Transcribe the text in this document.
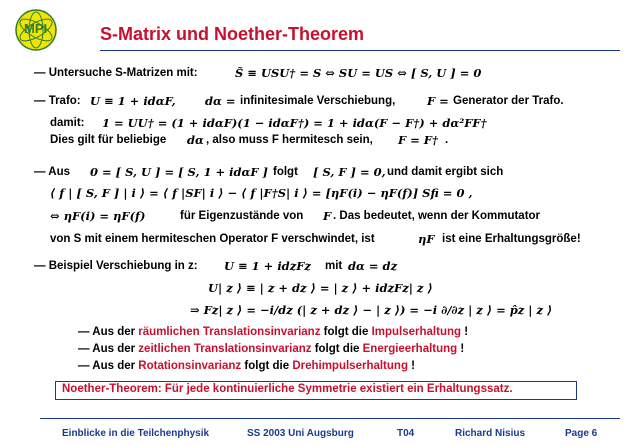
MPI	S-Matrix und Noether-Theorem
— Untersuche S-Matrizen mit:	S̃ ≡ USU† = S ⇔ SU = US ⇔ [ S, U ] = 0
— Trafo: U ≡ 1 + idαF,	dα = infinitesimale Verschiebung,	F = Generator der Trafo.
damit: 1 = UU† = (1 + idαF)(1 − idαF†) = 1 + idα(F − F†) + dα²FF†
Dies gilt für beliebige dα , also muss F hermitesch sein, F = F† .
— Aus 0 = [ S, U ] = [ S, 1 + idαF ] folgt [ S, F ] = 0, und damit ergibt sich
⟨ f | [ S, F ] | i ⟩ = ⟨ f |SF| i ⟩ − ⟨ f |F†S| i ⟩ = [ηF(i) − ηF(f)] Sfi = 0 ,
⇔ ηF(i) = ηF(f)	für Eigenzustände von F . Das bedeutet, wenn der Kommutator
von S mit einem hermiteschen Operator F verschwindet, ist	ηF ist eine Erhaltungsgröße!
— Beispiel Verschiebung in z: U ≡ 1 + idzFz mit dα = dz
U| z ⟩ ≡ | z + dz ⟩ = | z ⟩ + idzFz| z ⟩
⇒ Fz| z ⟩ = −i/dz (| z + dz ⟩ − | z ⟩) = −i ∂/∂z | z ⟩ = p̂z | z ⟩
— Aus der räumlichen Translationsinvarianz folgt die Impulserhaltung !
— Aus der zeitlichen Translationsinvarianz folgt die Energieerhaltung !
— Aus der Rotationsinvarianz folgt die Drehimpulserhaltung !
Noether-Theorem: Für jede kontinuierliche Symmetrie existiert ein Erhaltungssatz.
Einblicke in die Teilchenphysik	SS 2003 Uni Augsburg	T04	Richard Nisius	Page 6
